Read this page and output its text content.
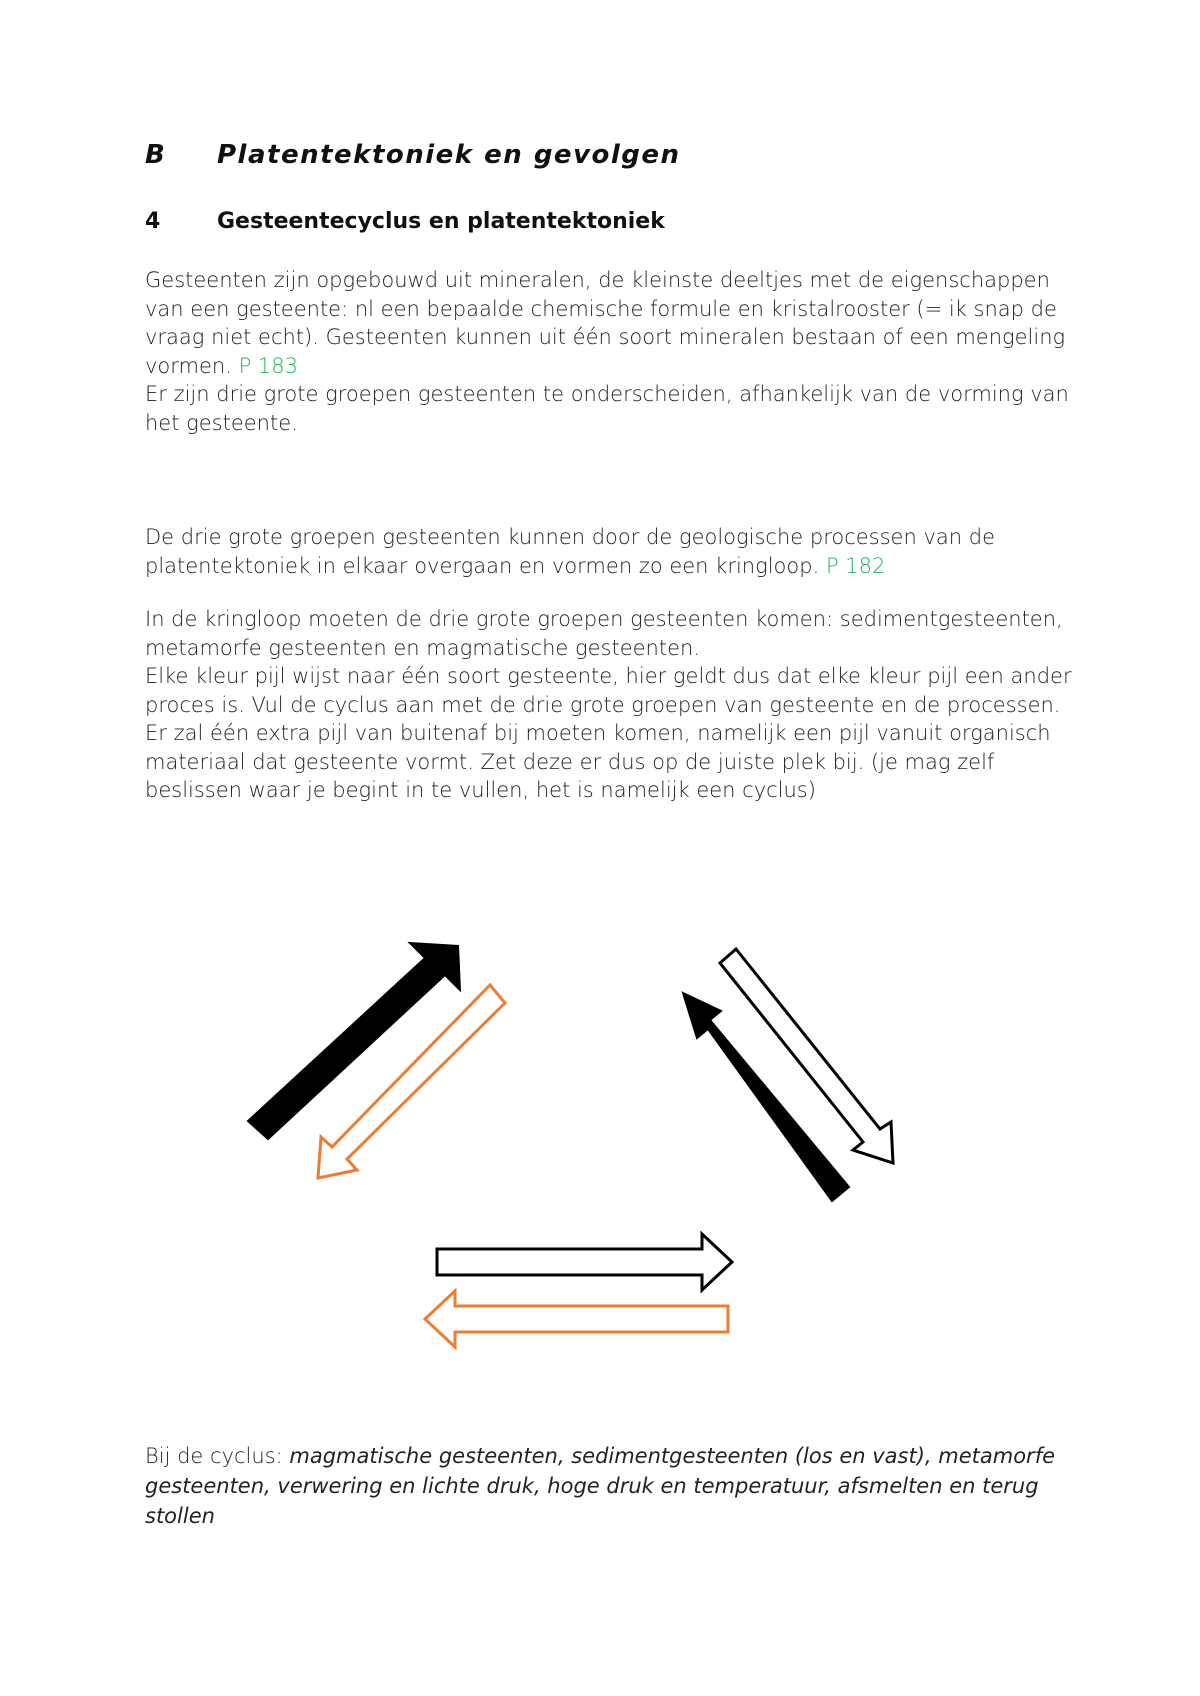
B Platentektoniek en gevolgen
4	Gesteentecyclus en platentektoniek
Gesteenten zijn opgebouwd uit mineralen, de kleinste deeltjes met de eigenschappen
van een gesteente: nl een bepaalde chemische formule en kristalrooster (= ik snap de
vraag niet echt). Gesteenten kunnen uit één soort mineralen bestaan of een mengeling
vormen. P 183
Er zijn drie grote groepen gesteenten te onderscheiden, afhankelijk van de vorming van
het gesteente.
De drie grote groepen gesteenten kunnen door de geologische processen van de
platentektoniek in elkaar overgaan en vormen zo een kringloop. P 182
In de kringloop moeten de drie grote groepen gesteenten komen: sedimentgesteenten,
metamorfe gesteenten en magmatische gesteenten.
Elke kleur pijl wijst naar één soort gesteente, hier geldt dus dat elke kleur pijl een ander
proces is. Vul de cyclus aan met de drie grote groepen van gesteente en de processen.
Er zal één extra pijl van buitenaf bij moeten komen, namelijk een pijl vanuit organisch
materiaal dat gesteente vormt. Zet deze er dus op de juiste plek bij. (je mag zelf
beslissen waar je begint in te vullen, het is namelijk een cyclus)
Bij de cyclus: magmatische gesteenten, sedimentgesteenten (los en vast), metamorfe
gesteenten, verwering en lichte druk, hoge druk en temperatuur, afsmelten en terug
stollen
